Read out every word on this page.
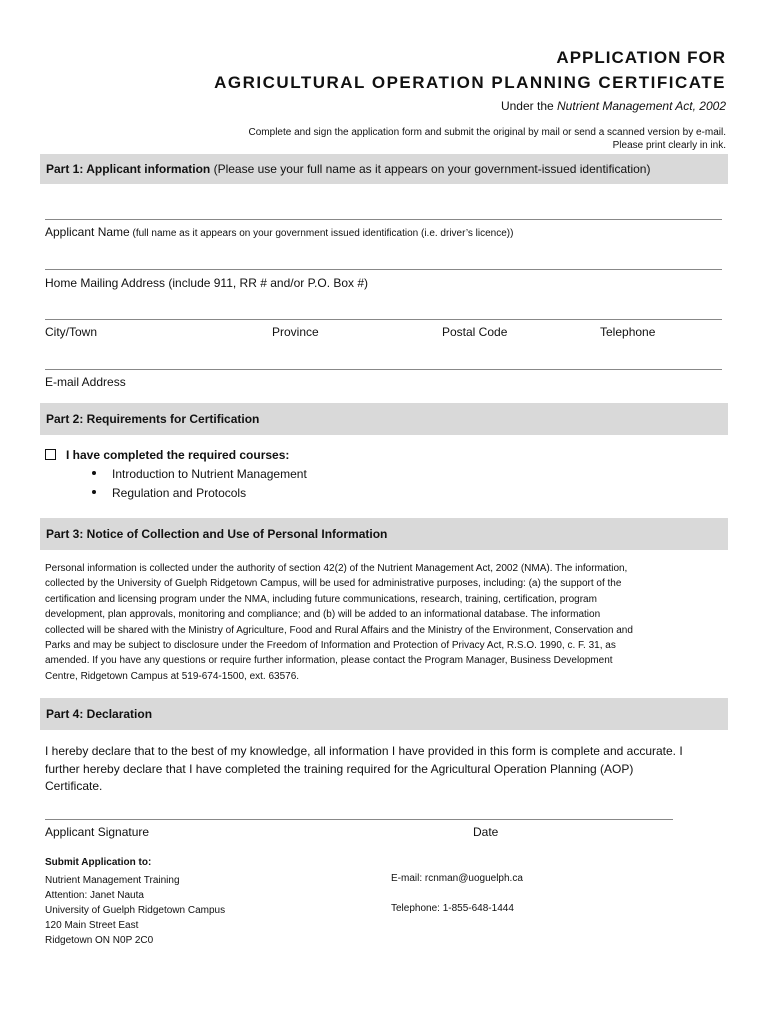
APPLICATION FOR
AGRICULTURAL OPERATION PLANNING CERTIFICATE
Under the Nutrient Management Act, 2002
Complete and sign the application form and submit the original by mail or send a scanned version by e-mail.
Please print clearly in ink.
Part 1: Applicant information (Please use your full name as it appears on your government-issued identification)
Applicant Name (full name as it appears on your government issued identification (i.e. driver’s licence))
Home Mailing Address (include 911, RR # and/or P.O. Box #)
City/Town	Province	Postal Code	Telephone
E-mail Address
Part 2: Requirements for Certification
I have completed the required courses:
Introduction to Nutrient Management
Regulation and Protocols
Part 3: Notice of Collection and Use of Personal Information
Personal information is collected under the authority of section 42(2) of the Nutrient Management Act, 2002 (NMA). The information,
collected by the University of Guelph Ridgetown Campus, will be used for administrative purposes, including: (a) the support of the
certification and licensing program under the NMA, including future communications, research, training, certification, program
development, plan approvals, monitoring and compliance; and (b) will be added to an informational database. The information
collected will be shared with the Ministry of Agriculture, Food and Rural Affairs and the Ministry of the Environment, Conservation and
Parks and may be subject to disclosure under the Freedom of Information and Protection of Privacy Act, R.S.O. 1990, c. F. 31, as
amended. If you have any questions or require further information, please contact the Program Manager, Business Development
Centre, Ridgetown Campus at 519-674-1500, ext. 63576.
Part 4: Declaration
I hereby declare that to the best of my knowledge, all information I have provided in this form is complete and accurate. I
further hereby declare that I have completed the training required for the Agricultural Operation Planning (AOP)
Certificate.
Applicant Signature	Date
Submit Application to:
Nutrient Management Training
Attention: Janet Nauta
University of Guelph Ridgetown Campus
120 Main Street East
Ridgetown ON N0P 2C0
E-mail: rcnman@uoguelph.ca
Telephone: 1-855-648-1444
